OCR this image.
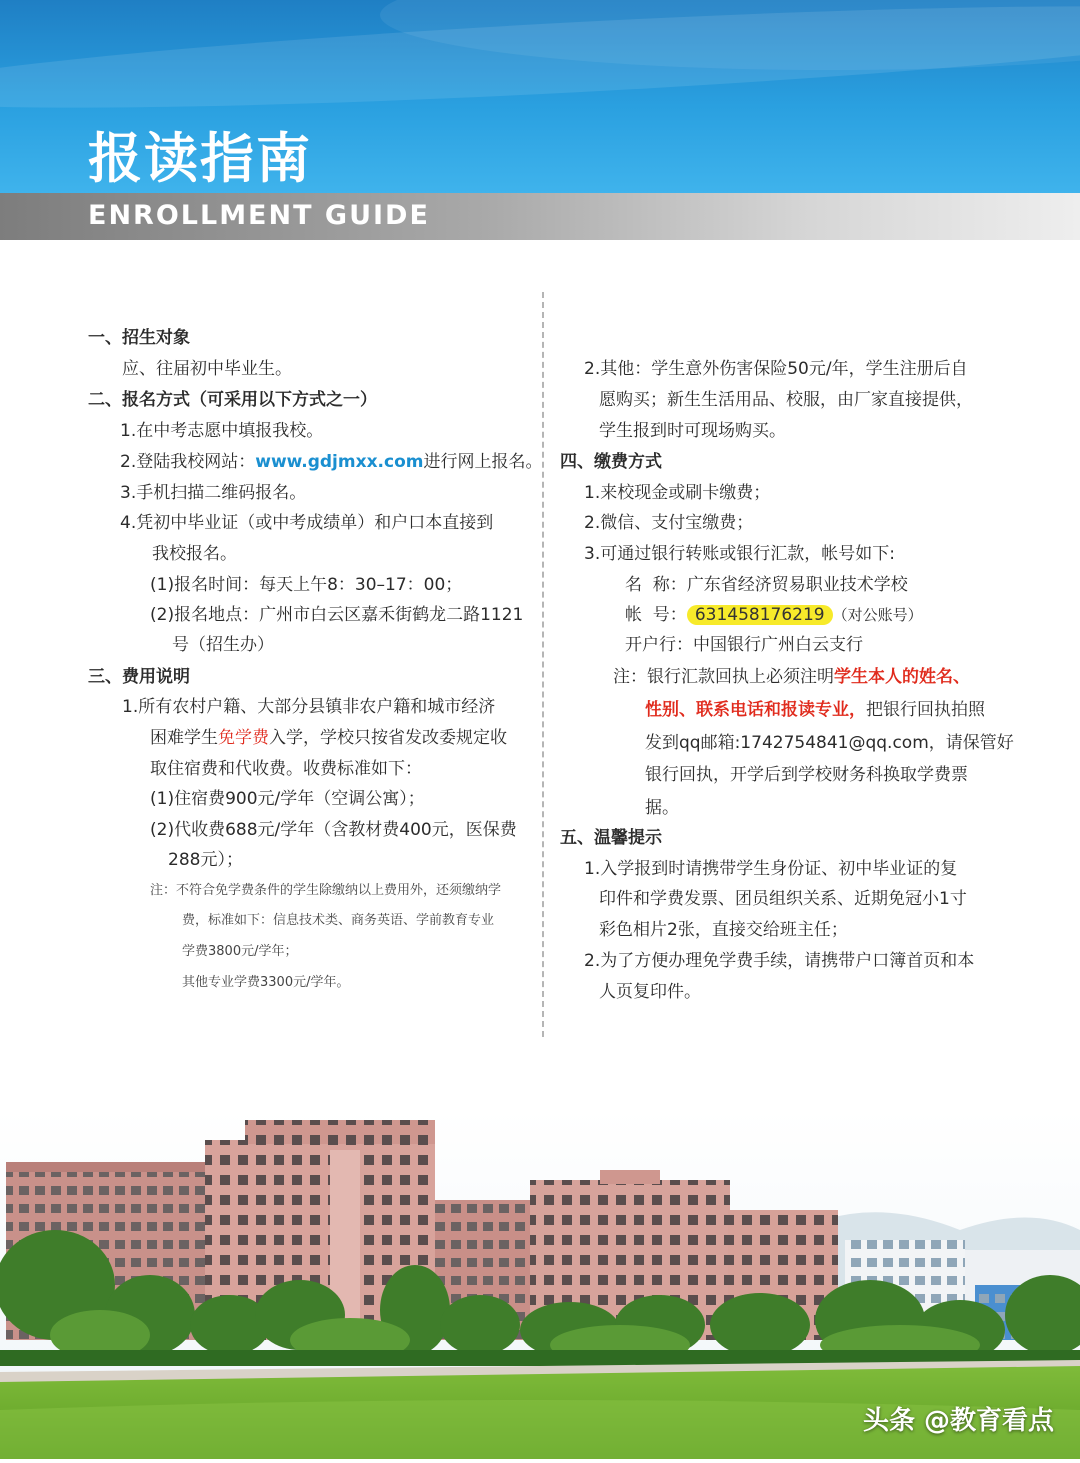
报读指南
ENROLLMENT GUIDE
一、招生对象
应、往届初中毕业生。
二、报名方式（可采用以下方式之一）
1.在中考志愿中填报我校。
2.登陆我校网站：www.gdjmxx.com进行网上报名。
3.手机扫描二维码报名。
4.凭初中毕业证（或中考成绩单）和户口本直接到
我校报名。
(1)报名时间：每天上午8：30–17：00；
(2)报名地点：广州市白云区嘉禾街鹤龙二路1121
号（招生办）
三、费用说明
1.所有农村户籍、大部分县镇非农户籍和城市经济
困难学生免学费入学，学校只按省发改委规定收
取住宿费和代收费。收费标准如下：
(1)住宿费900元/学年（空调公寓）；
(2)代收费688元/学年（含教材费400元，医保费
288元）；
注：不符合免学费条件的学生除缴纳以上费用外，还须缴纳学
费，标准如下：信息技术类、商务英语、学前教育专业
学费3800元/学年；
其他专业学费3300元/学年。
2.其他：学生意外伤害保险50元/年，学生注册后自
愿购买；新生生活用品、校服，由厂家直接提供，
学生报到时可现场购买。
四、缴费方式
1.来校现金或刷卡缴费；
2.微信、支付宝缴费；
3.可通过银行转账或银行汇款，帐号如下:
名  称：广东省经济贸易职业技术学校
帐  号： 631458176219 （对公账号）
开户行：中国银行广州白云支行
注：银行汇款回执上必须注明学生本人的姓名、
性别、联系电话和报读专业，把银行回执拍照
发到qq邮箱:1742754841@qq.com，请保管好
银行回执，开学后到学校财务科换取学费票
据。
五、温馨提示
1.入学报到时请携带学生身份证、初中毕业证的复
印件和学费发票、团员组织关系、近期免冠小1寸
彩色相片2张，直接交给班主任；
2.为了方便办理免学费手续，请携带户口簿首页和本
人页复印件。

头条 @教育看点
